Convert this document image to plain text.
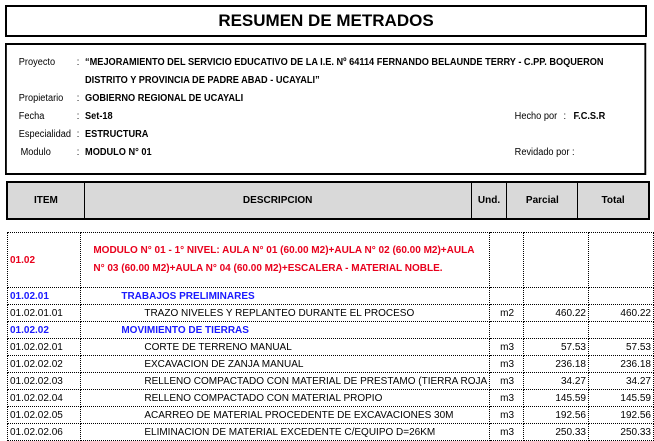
RESUMEN DE METRADOS
Proyecto : “MEJORAMIENTO DEL SERVICIO EDUCATIVO DE LA I.E. Nº 64114 FERNANDO BELAUNDE TERRY - C.PP. BOQUERON
DISTRITO Y PROVINCIA DE PADRE ABAD - UCAYALI”
Propietario : GOBIERNO REGIONAL DE UCAYALI
Fecha	: Set-18	Hecho por : F.C.S.R
Especialidad : ESTRUCTURA
Modulo	: MODULO N° 01	Revidado por :
ITEM	DESCRIPCION	Und.	Parcial	Total
01.02	MODULO N° 01 - 1° NIVEL: AULA N° 01 (60.00 M2)+AULA N° 02 (60.00 M2)+AULA
N° 03 (60.00 M2)+AULA N° 04 (60.00 M2)+ESCALERA - MATERIAL NOBLE.			

01.02.01	TRABAJOS PRELIMINARES			
01.02.01.01	TRAZO NIVELES Y REPLANTEO DURANTE EL PROCESO	m2	460.22	460.22
01.02.02	MOVIMIENTO DE TIERRAS			
01.02.02.01	CORTE DE TERRENO MANUAL	m3	57.53	57.53
01.02.02.02	EXCAVACION DE ZANJA MANUAL	m3	236.18	236.18
01.02.02.03	RELLENO COMPACTADO CON MATERIAL DE PRESTAMO (TIERRA ROJA	m3	34.27	34.27
01.02.02.04	RELLENO COMPACTADO CON MATERIAL PROPIO	m3	145.59	145.59
01.02.02.05	ACARREO DE MATERIAL PROCEDENTE DE EXCAVACIONES 30M	m3	192.56	192.56
01.02.02.06	ELIMINACION DE MATERIAL EXCEDENTE C/EQUIPO D=26KM	m3	250.33	250.33
